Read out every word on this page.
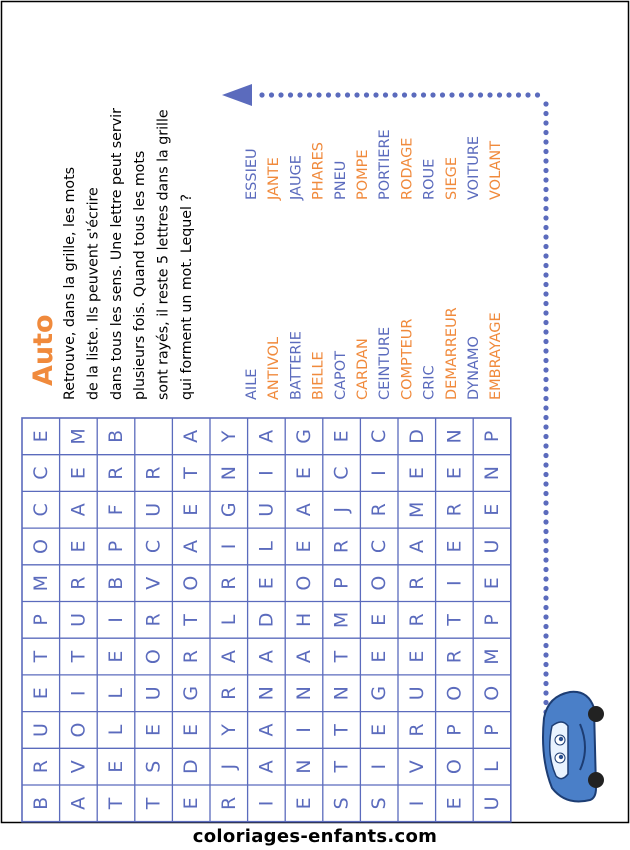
B
R
U
E
T
P
M
O
C
C
E
A
V
O
I
T
U
R
E
A
E
M
T
E
L
L
E
I
B
P
F
R
B
T
S
E
U
O
R
V
C
U
R
E
D
E
G
R
T
O
A
E
T
A
R
J
Y
R
A
L
R
I
G
N
Y
I
A
A
N
A
D
E
L
U
I
A
E
N
I
N
A
H
O
E
A
E
G
S
T
T
N
T
M
P
R
J
C
E
S
I
E
G
E
E
O
C
R
I
C
I
V
R
U
E
R
R
A
M
E
D
E
O
P
O
R
T
I
E
R
E
N
U
L
P
O
M
P
E
U
E
N
P
Auto Retrouve, dans la grille, les mots de la liste. Ils peuvent s'écrire dans tous les sens. Une lettre peut servir plusieurs fois. Quand tous les mots sont rayés, il reste 5 lettres dans la grille qui forment un mot. Lequel ?	AILE ANTIVOL BATTERIE BIELLE CAPOT CARDAN CEINTURE COMPTEUR CRIC DEMARREUR DYNAMO EMBRAYAGE
ESSIEU JANTE JAUGE PHARES PNEU POMPE PORTIERE RODAGE ROUE SIEGE VOITURE VOLANT
coloriages-enfants.com
